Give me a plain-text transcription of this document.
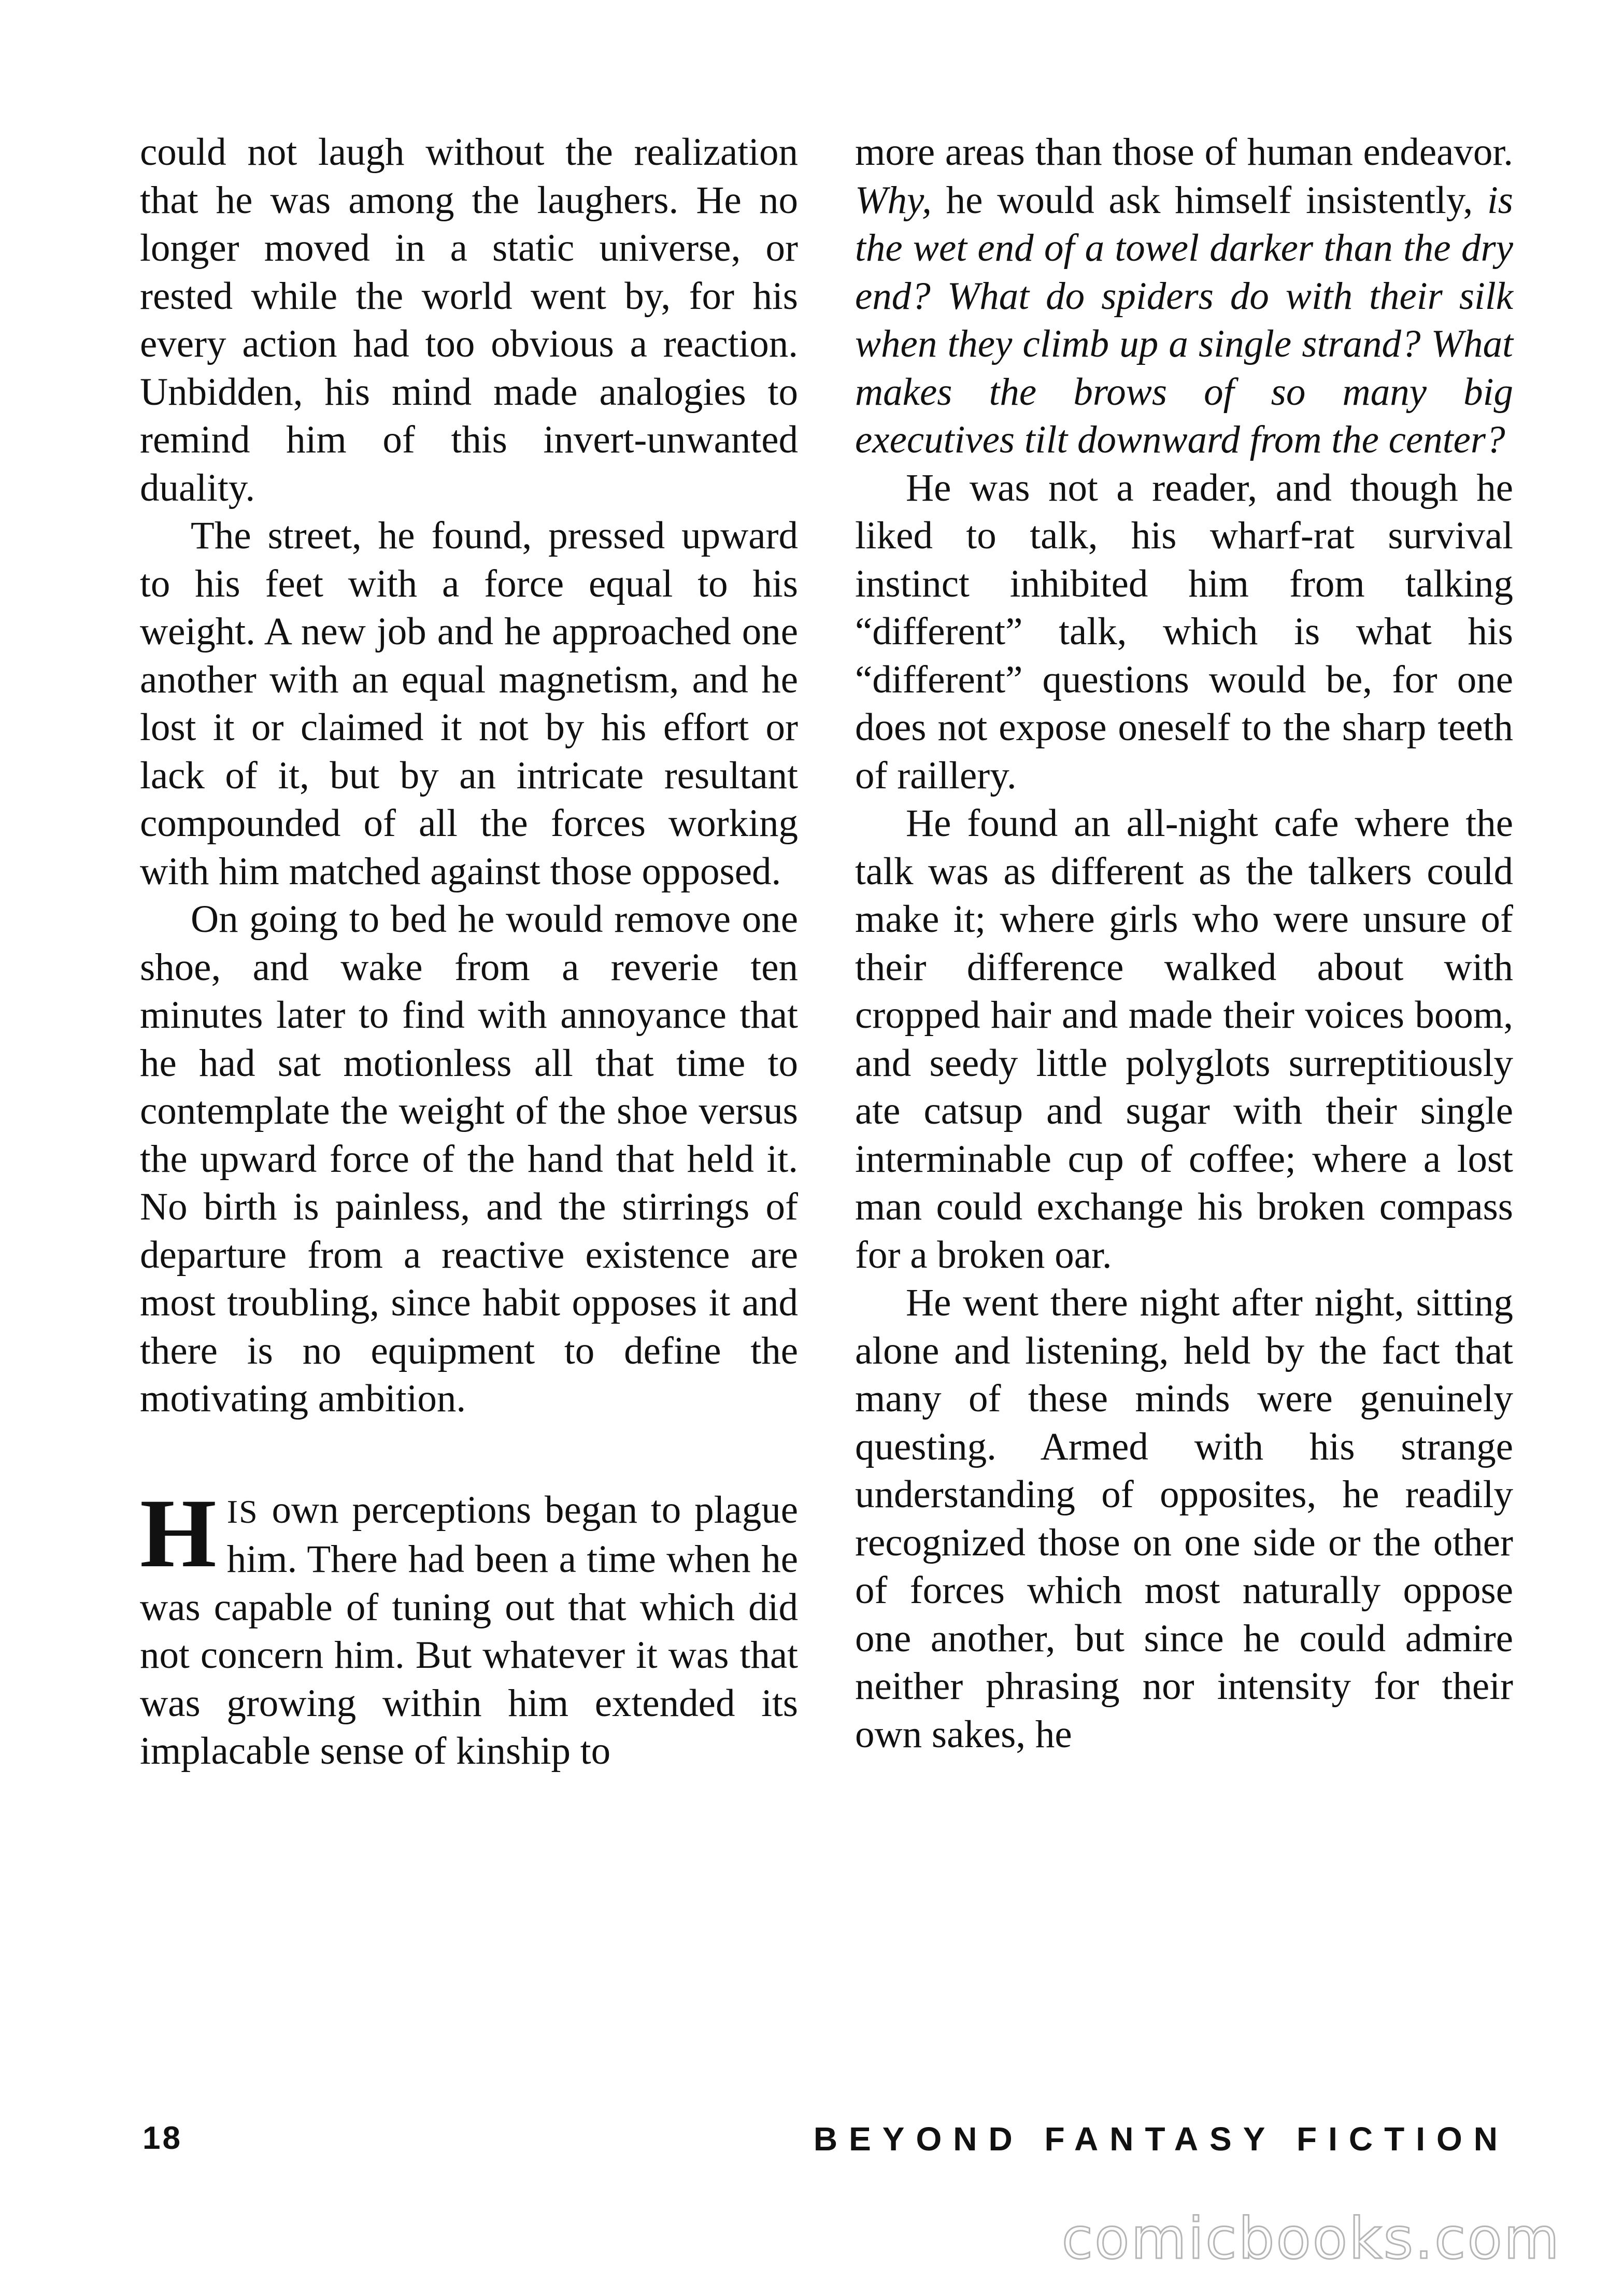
could not laugh without the realization that he was among the laughers. He no longer moved in a static universe, or rested while the world went by, for his every action had too obvious a reaction. Unbidden, his mind made analogies to remind him of this invert-unwanted duality.

The street, he found, pressed upward to his feet with a force equal to his weight. A new job and he approached one another with an equal magnetism, and he lost it or claimed it not by his effort or lack of it, but by an intricate resultant compounded of all the forces working with him matched against those opposed.

On going to bed he would remove one shoe, and wake from a reverie ten minutes later to find with annoyance that he had sat motionless all that time to contemplate the weight of the shoe versus the upward force of the hand that held it. No birth is painless, and the stirrings of departure from a reactive existence are most troubling, since habit opposes it and there is no equipment to define the motivating ambition.

HIS own perceptions began to plague him. There had been a time when he was capable of tuning out that which did not concern him. But whatever it was that was growing within him extended its implacable sense of kinship to

more areas than those of human endeavor. Why, he would ask himself insistently, is the wet end of a towel darker than the dry end? What do spiders do with their silk when they climb up a single strand? What makes the brows of so many big executives tilt downward from the center?

He was not a reader, and though he liked to talk, his wharf-rat survival instinct inhibited him from talking “different” talk, which is what his “different” questions would be, for one does not expose oneself to the sharp teeth of raillery.

He found an all-night cafe where the talk was as different as the talkers could make it; where girls who were unsure of their difference walked about with cropped hair and made their voices boom, and seedy little polyglots surreptitiously ate catsup and sugar with their single interminable cup of coffee; where a lost man could exchange his broken compass for a broken oar.

He went there night after night, sitting alone and listening, held by the fact that many of these minds were genuinely questing. Armed with his strange understanding of opposites, he readily recognized those on one side or the other of forces which most naturally oppose one another, but since he could admire neither phrasing nor intensity for their own sakes, he

18	BEYOND FANTASY FICTION
comicbooks.com
